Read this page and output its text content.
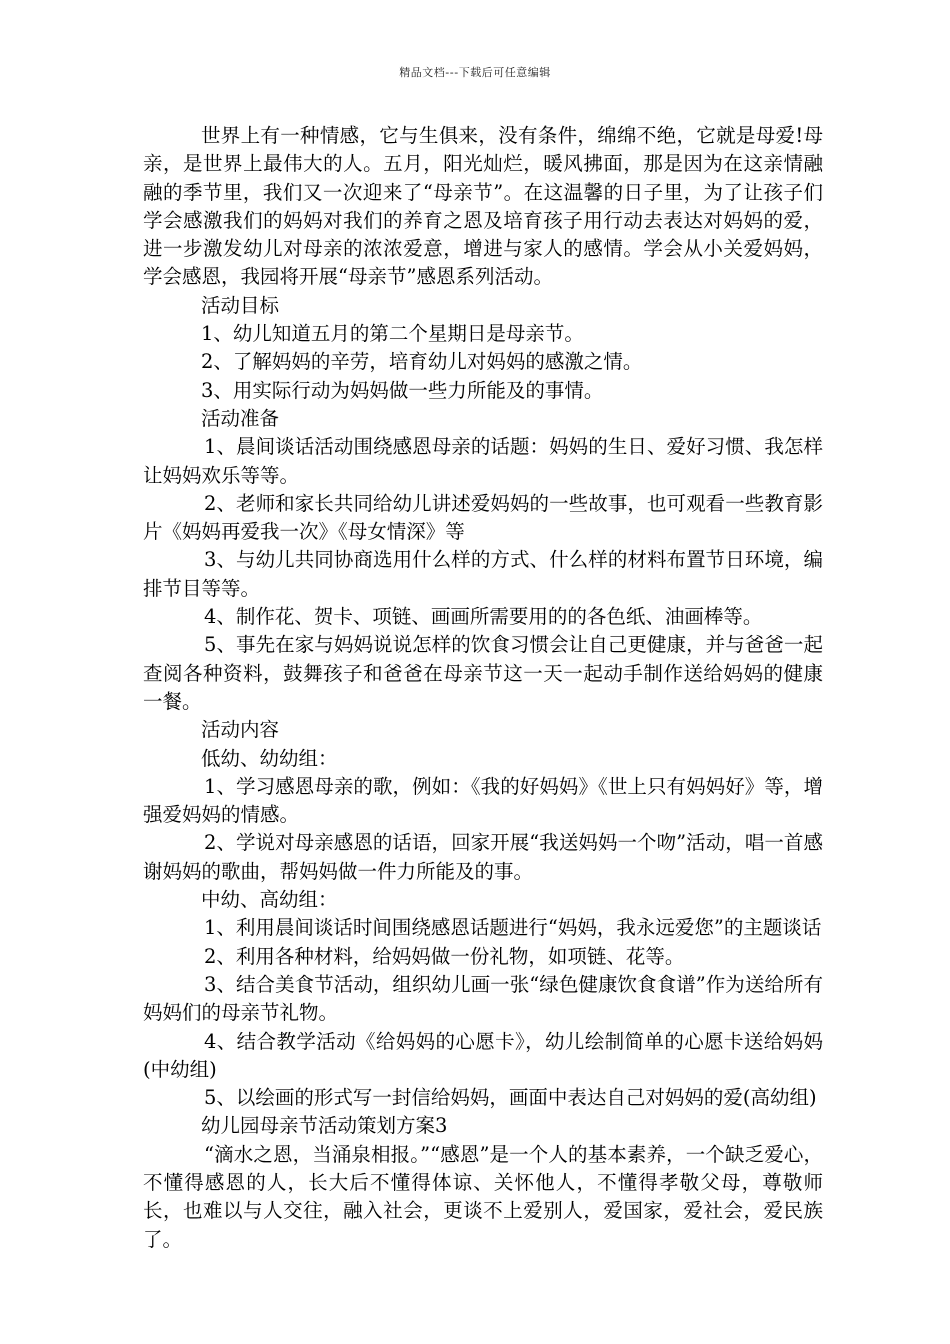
精品文档---下载后可任意编辑

世界上有一种情感，它与生俱来，没有条件，绵绵不绝，它就是母爱!母亲，是世界上最伟大的人。五月，阳光灿烂，暖风拂面，那是因为在这亲情融融的季节里，我们又一次迎来了“母亲节”。在这温馨的日子里，为了让孩子们学会感激我们的妈妈对我们的养育之恩及培育孩子用行动去表达对妈妈的爱，进一步激发幼儿对母亲的浓浓爱意，增进与家人的感情。学会从小关爱妈妈，学会感恩，我园将开展“母亲节”感恩系列活动。

活动目标

1、幼儿知道五月的第二个星期日是母亲节。

2、了解妈妈的辛劳，培育幼儿对妈妈的感激之情。

3、用实际行动为妈妈做一些力所能及的事情。

活动准备

1、晨间谈话活动围绕感恩母亲的话题：妈妈的生日、爱好习惯、我怎样让妈妈欢乐等等。

2、老师和家长共同给幼儿讲述爱妈妈的一些故事，也可观看一些教育影片《妈妈再爱我一次》《母女情深》等

3、与幼儿共同协商选用什么样的方式、什么样的材料布置节日环境，编排节目等等。

4、制作花、贺卡、项链、画画所需要用的的各色纸、油画棒等。

5、事先在家与妈妈说说怎样的饮食习惯会让自己更健康，并与爸爸一起查阅各种资料，鼓舞孩子和爸爸在母亲节这一天一起动手制作送给妈妈的健康一餐。

活动内容

低幼、幼幼组：

1、学习感恩母亲的歌，例如：《我的好妈妈》《世上只有妈妈好》等，增强爱妈妈的情感。

2、学说对母亲感恩的话语，回家开展“我送妈妈一个吻”活动，唱一首感谢妈妈的歌曲，帮妈妈做一件力所能及的事。

中幼、高幼组：

1、利用晨间谈话时间围绕感恩话题进行“妈妈，我永远爱您”的主题谈话

2、利用各种材料，给妈妈做一份礼物，如项链、花等。

3、结合美食节活动，组织幼儿画一张“绿色健康饮食食谱”作为送给所有妈妈们的母亲节礼物。

4、结合教学活动《给妈妈的心愿卡》，幼儿绘制简单的心愿卡送给妈妈(中幼组)

5、以绘画的形式写一封信给妈妈，画面中表达自己对妈妈的爱(高幼组)

幼儿园母亲节活动策划方案3

“滴水之恩，当涌泉相报。”“感恩”是一个人的基本素养，一个缺乏爱心，不懂得感恩的人，长大后不懂得体谅、关怀他人，不懂得孝敬父母，尊敬师长，也难以与人交往，融入社会，更谈不上爱别人，爱国家，爱社会，爱民族了。
